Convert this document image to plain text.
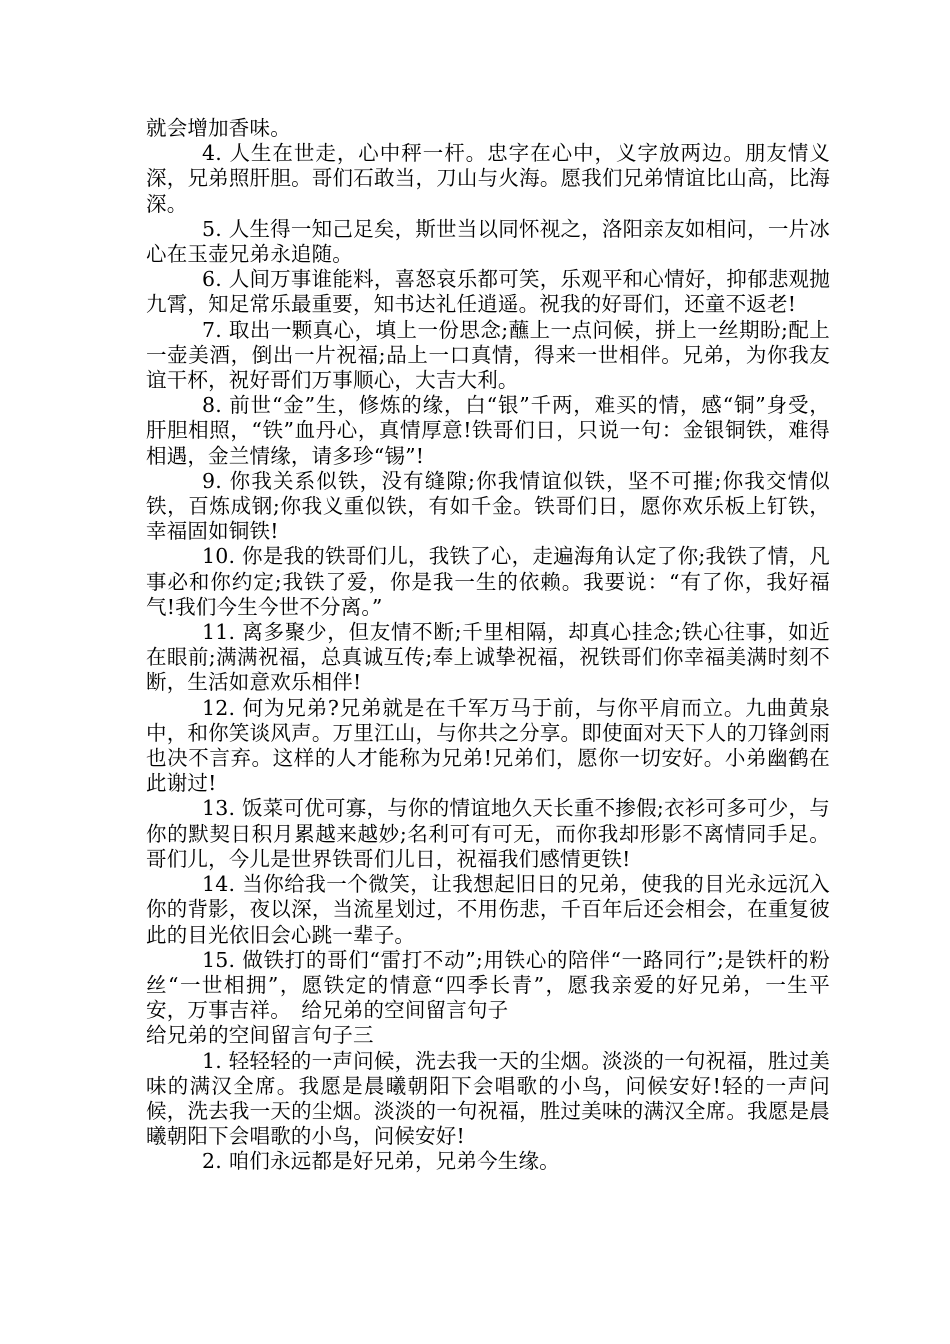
就会增加香味。

4. 人生在世走，心中秤一杆。忠字在心中，义字放两边。朋友情义深，兄弟照肝胆。哥们石敢当，刀山与火海。愿我们兄弟情谊比山高，比海深。

5. 人生得一知己足矣，斯世当以同怀视之，洛阳亲友如相问，一片冰心在玉壶兄弟永追随。

6. 人间万事谁能料，喜怒哀乐都可笑，乐观平和心情好，抑郁悲观抛九霄，知足常乐最重要，知书达礼任逍遥。祝我的好哥们，还童不返老!

7. 取出一颗真心，填上一份思念;蘸上一点问候，拼上一丝期盼;配上一壶美酒，倒出一片祝福;品上一口真情，得来一世相伴。兄弟，为你我友谊干杯，祝好哥们万事顺心，大吉大利。

8. 前世“金”生，修炼的缘，白“银”千两，难买的情，感“铜”身受，肝胆相照，“铁”血丹心，真情厚意!铁哥们日，只说一句：金银铜铁，难得相遇，金兰情缘，请多珍“锡”!

9. 你我关系似铁，没有缝隙;你我情谊似铁，坚不可摧;你我交情似铁，百炼成钢;你我义重似铁，有如千金。铁哥们日，愿你欢乐板上钉铁，幸福固如铜铁!

10. 你是我的铁哥们儿，我铁了心，走遍海角认定了你;我铁了情，凡事必和你约定;我铁了爱，你是我一生的依赖。我要说：“有了你，我好福气!我们今生今世不分离。”

11. 离多聚少，但友情不断;千里相隔，却真心挂念;铁心往事，如近在眼前;满满祝福，总真诚互传;奉上诚挚祝福，祝铁哥们你幸福美满时刻不断，生活如意欢乐相伴!

12. 何为兄弟?兄弟就是在千军万马于前，与你平肩而立。九曲黄泉中，和你笑谈风声。万里江山，与你共之分享。即使面对天下人的刀锋剑雨也决不言弃。这样的人才能称为兄弟!兄弟们，愿你一切安好。小弟幽鹤在此谢过!

13. 饭菜可优可寡，与你的情谊地久天长重不掺假;衣衫可多可少，与你的默契日积月累越来越妙;名利可有可无，而你我却形影不离情同手足。哥们儿，今儿是世界铁哥们儿日，祝福我们感情更铁!

14. 当你给我一个微笑，让我想起旧日的兄弟，使我的目光永远沉入你的背影，夜以深，当流星划过，不用伤悲，千百年后还会相会，在重复彼此的目光依旧会心跳一辈子。

15. 做铁打的哥们“雷打不动”;用铁心的陪伴“一路同行”;是铁杆的粉丝“一世相拥”，愿铁定的情意“四季长青”，愿我亲爱的好兄弟，一生平安，万事吉祥。　给兄弟的空间留言句子

给兄弟的空间留言句子三

1. 轻轻轻的一声问候，洗去我一天的尘烟。淡淡的一句祝福，胜过美味的满汉全席。我愿是晨曦朝阳下会唱歌的小鸟，问候安好!轻的一声问候，洗去我一天的尘烟。淡淡的一句祝福，胜过美味的满汉全席。我愿是晨曦朝阳下会唱歌的小鸟，问候安好!

2. 咱们永远都是好兄弟，兄弟今生缘。
